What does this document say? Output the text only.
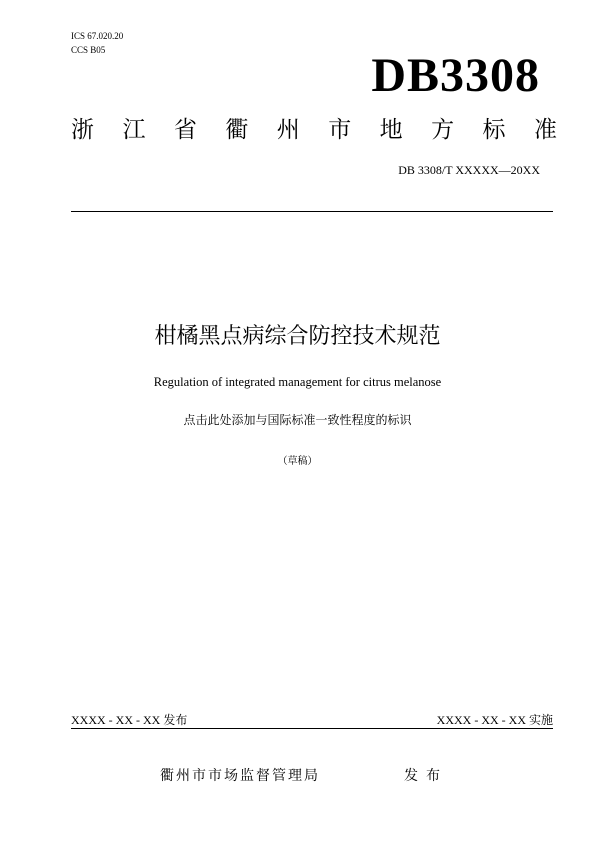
ICS 67.020.20
CCS B05	DB3308
浙 江 省 衢 州 市 地 方 标 准
DB 3308/T XXXXX—20XX
柑橘黑点病综合防控技术规范
Regulation of integrated management for citrus melanose
点击此处添加与国际标准一致性程度的标识
（草稿）
XXXX - XX - XX 发布	XXXX - XX - XX 实施
衢州市市场监督管理局	发布
